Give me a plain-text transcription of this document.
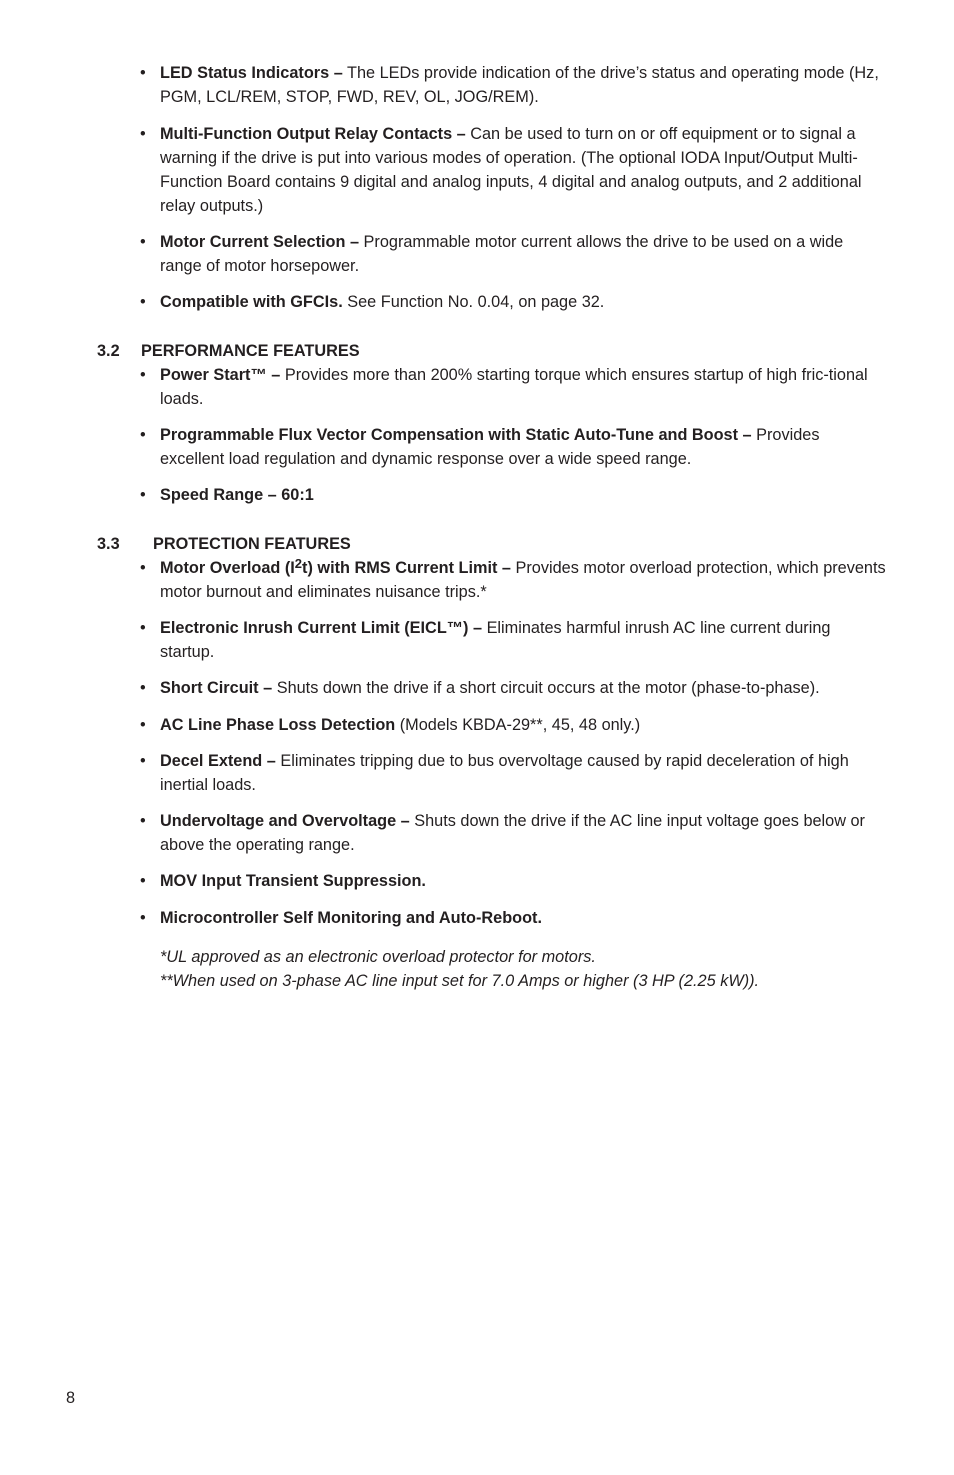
• LED Status Indicators – The LEDs provide indication of the drive’s status and operating mode (Hz, PGM, LCL/REM, STOP, FWD, REV, OL, JOG/REM).
• Multi-Function Output Relay Contacts – Can be used to turn on or off equipment or to signal a warning if the drive is put into various modes of operation. (The optional IODA Input/Output Multi-Function Board contains 9 digital and analog inputs, 4 digital and analog outputs, and 2 additional relay outputs.)
• Motor Current Selection – Programmable motor current allows the drive to be used on a wide range of motor horsepower.
• Compatible with GFCIs. See Function No. 0.04, on page 32.
3.2 PERFORMANCE FEATURES
• Power Start™ – Provides more than 200% starting torque which ensures startup of high fric-tional loads.
• Programmable Flux Vector Compensation with Static Auto-Tune and Boost – Provides excellent load regulation and dynamic response over a wide speed range.
• Speed Range – 60:1
3.3 PROTECTION FEATURES
• Motor Overload $(I^2t)$ with RMS Current Limit – Provides motor overload protection, which prevents motor burnout and eliminates nuisance trips.*
• Electronic Inrush Current Limit (EICL™) – Eliminates harmful inrush AC line current during startup.
• Short Circuit – Shuts down the drive if a short circuit occurs at the motor (phase-to-phase).
• AC Line Phase Loss Detection (Models KBDA-29**, 45, 48 only.)
• Decel Extend – Eliminates tripping due to bus overvoltage caused by rapid deceleration of high inertial loads.
• Undervoltage and Overvoltage – Shuts down the drive if the AC line input voltage goes below or above the operating range.
• MOV Input Transient Suppression.
• Microcontroller Self Monitoring and Auto-Reboot.
*UL approved as an electronic overload protector for motors.
**When used on 3-phase AC line input set for 7.0 Amps or higher (3 HP (2.25 kW)).
8
